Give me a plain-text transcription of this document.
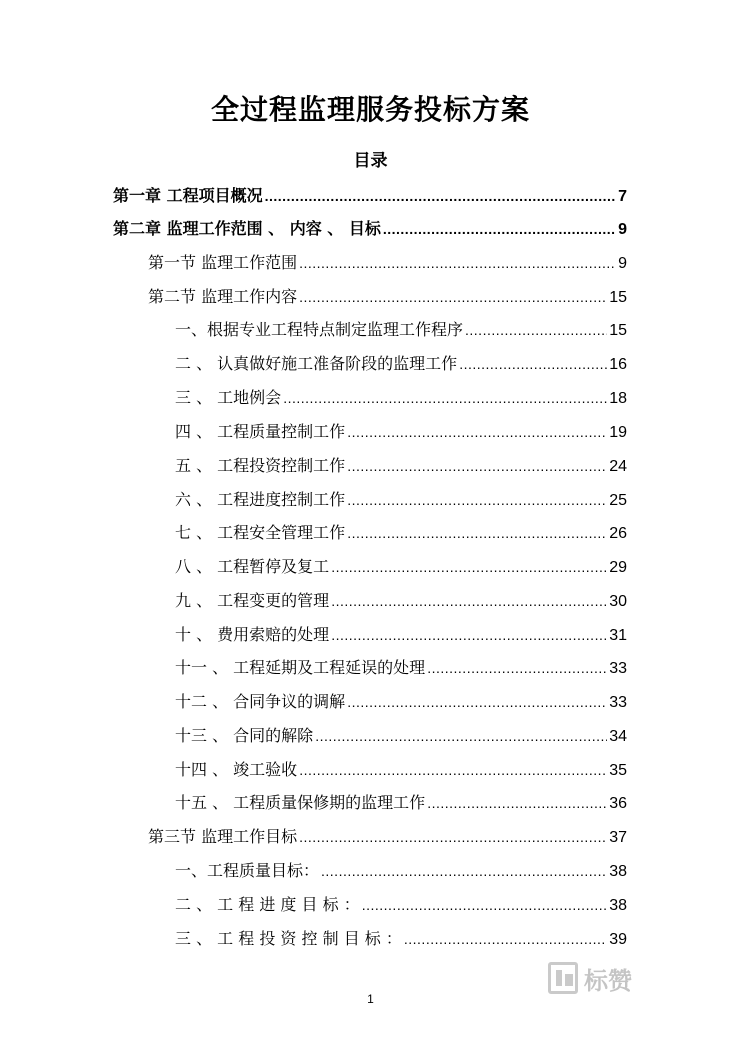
全过程监理服务投标方案
目录
第一章 工程项目概况 .....	7
第二章 监理工作范围 、 内容 、 目标 .....	9
第一节 监理工作范围 .....	9
第二节 监理工作内容 .....	15
一、根据专业工程特点制定监理工作程序 .....	15
二 、 认真做好施工准备阶段的监理工作 .....	16
三 、 工地例会 .....	18
四 、 工程质量控制工作 .....	19
五 、 工程投资控制工作 .....	24
六 、 工程进度控制工作 .....	25
七 、 工程安全管理工作 .....	26
八 、 工程暂停及复工 .....	29
九 、 工程变更的管理 .....	30
十 、 费用索赔的处理 .....	31
十一 、 工程延期及工程延误的处理 .....	33
十二 、 合同争议的调解 .....	33
十三 、 合同的解除 .....	34
十四 、 竣工验收 .....	35
十五 、 工程质量保修期的监理工作 .....	36
第三节 监理工作目标 .....	37
一、工程质量目标： .....	38
二 、 工 程 进 度 目 标 ： .....	38
三 、 工 程 投 资 控 制 目 标 ： .....	39
标赞
1
